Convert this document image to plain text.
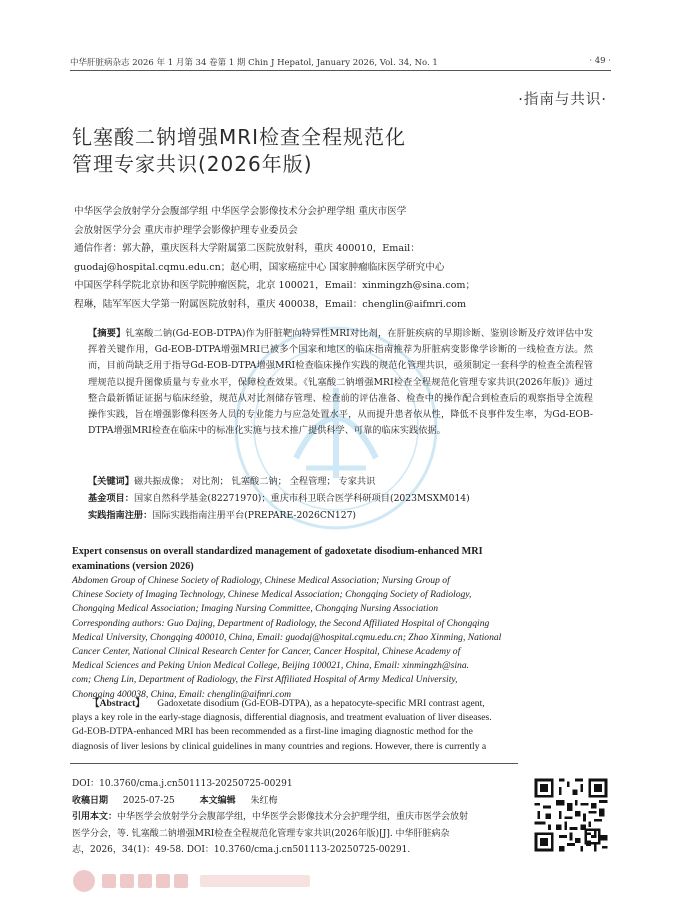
中华肝脏病杂志 2026 年 1 月第 34 卷第 1 期 Chin J Hepatol, January 2026, Vol. 34, No. 1	· 49 ·
·指南与共识·
钆塞酸二钠增强MRI检查全程规范化
管理专家共识(2026年版)
中华医学会放射学分会腹部学组 中华医学会影像技术分会护理学组 重庆市医学
会放射医学分会 重庆市护理学会影像护理专业委员会
通信作者：郭大静，重庆医科大学附属第二医院放射科，重庆 400010，Email：
guodaj@hospital.cqmu.edu.cn；赵心明，国家癌症中心 国家肿瘤临床医学研究中心
中国医学科学院北京协和医学院肿瘤医院，北京 100021，Email：xinmingzh@sina.com；
程琳，陆军军医大学第一附属医院放射科，重庆 400038，Email：chenglin@aifmri.com
【摘要】钆塞酸二钠(Gd-EOB-DTPA)作为肝脏靶向特异性MRI对比剂，在肝脏疾病的早期诊断、鉴别诊断及疗效评估中发挥着关键作用，Gd-EOB-DTPA增强MRI已被多个国家和地区的临床指南推荐为肝脏病变影像学诊断的一线检查方法。然而，目前尚缺乏用于指导Gd-EOB-DTPA增强MRI检查临床操作实践的规范化管理共识，亟须制定一套科学的检查全流程管理规范以提升图像质量与专业水平，保障检查效果。《钆塞酸二钠增强MRI检查全程规范化管理专家共识(2026年版)》通过整合最新循证证据与临床经验，规范从对比剂储存管理、检查前的评估准备、检查中的操作配合到检查后的观察指导全流程操作实践，旨在增强影像科医务人员的专业能力与应急处置水平，从而提升患者依从性，降低不良事件发生率，为Gd-EOB-DTPA增强MRI检查在临床中的标准化实施与技术推广提供科学、可靠的临床实践依据。
【关键词】磁共振成像； 对比剂； 钆塞酸二钠； 全程管理； 专家共识
基金项目：国家自然科学基金(82271970)；重庆市科卫联合医学科研项目(2023MSXM014)
实践指南注册：国际实践指南注册平台(PREPARE-2026CN127)
Expert consensus on overall standardized management of gadoxetate disodium-enhanced MRI
examinations (version 2026)
Abdomen Group of Chinese Society of Radiology, Chinese Medical Association; Nursing Group of
Chinese Society of Imaging Technology, Chinese Medical Association; Chongqing Society of Radiology,
Chongqing Medical Association; Imaging Nursing Committee, Chongqing Nursing Association
Corresponding authors: Guo Dajing, Department of Radiology, the Second Affiliated Hospital of Chongqing
Medical University, Chongqing 400010, China, Email: guodaj@hospital.cqmu.edu.cn; Zhao Xinming, National
Cancer Center, National Clinical Research Center for Cancer, Cancer Hospital, Chinese Academy of
Medical Sciences and Peking Union Medical College, Beijing 100021, China, Email: xinmingzh@sina.
com; Cheng Lin, Department of Radiology, the First Affiliated Hospital of Army Medical University,
Chongqing 400038, China, Email: chenglin@aifmri.com
【Abstract】 Gadoxetate disodium (Gd-EOB-DTPA), as a hepatocyte-specific MRI contrast agent,
plays a key role in the early-stage diagnosis, differential diagnosis, and treatment evaluation of liver diseases.
Gd-EOB-DTPA-enhanced MRI has been recommended as a first-line imaging diagnostic method for the
diagnosis of liver lesions by clinical guidelines in many countries and regions. However, there is currently a
DOI：10.3760/cma.j.cn501113-20250725-00291
收稿日期 2025-07-25	本文编辑 朱红梅
引用本文：中华医学会放射学分会腹部学组，中华医学会影像技术分会护理学组，重庆市医学会放射
医学分会，等. 钆塞酸二钠增强MRI检查全程规范化管理专家共识(2026年版)[J]. 中华肝脏病杂
志，2026，34(1)：49-58. DOI：10.3760/cma.j.cn501113-20250725-00291.
